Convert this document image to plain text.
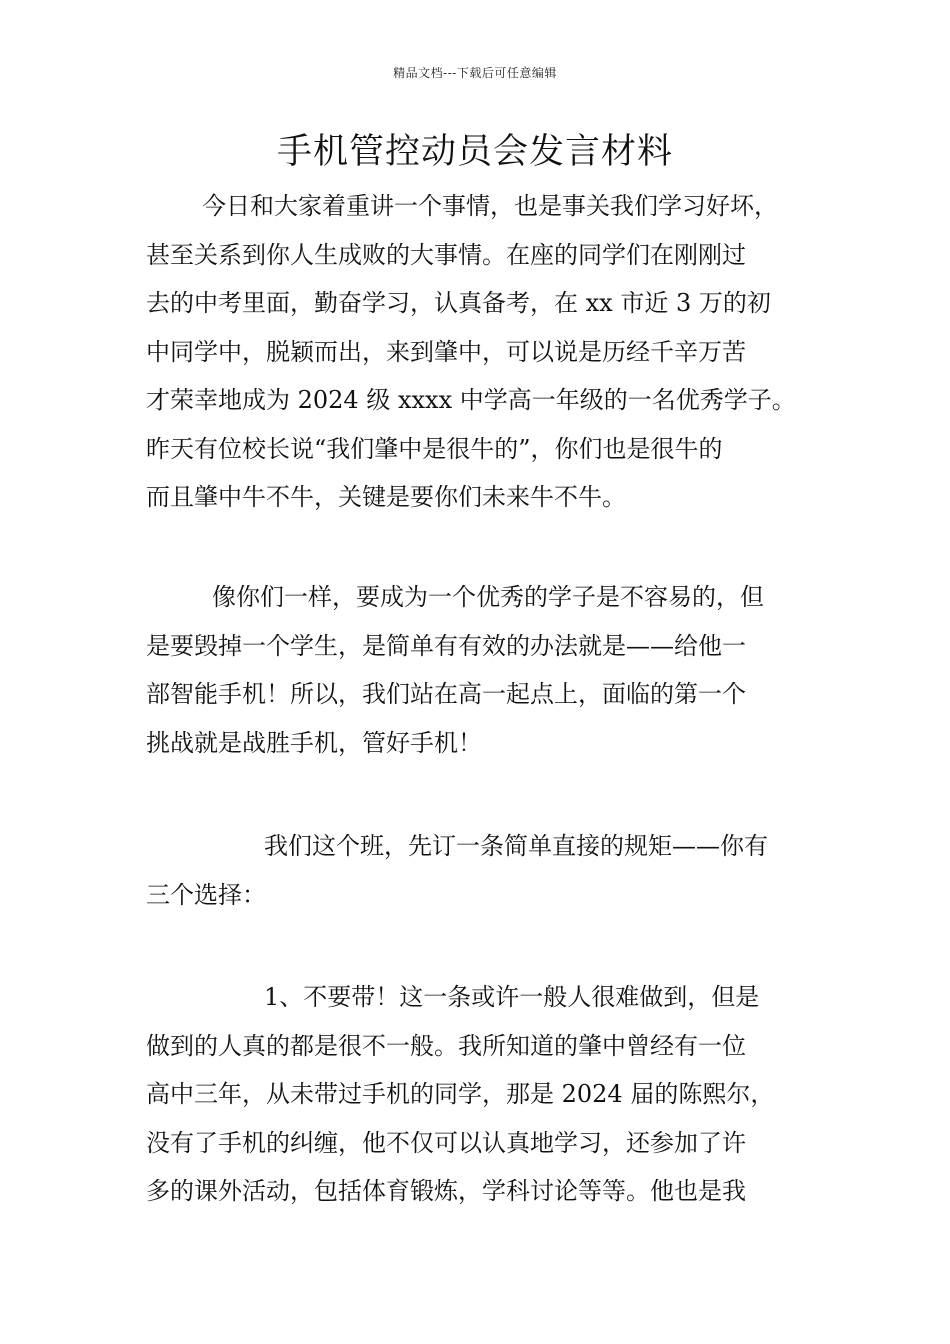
精品文档---下载后可任意编辑
手机管控动员会发言材料
今日和大家着重讲一个事情，也是事关我们学习好坏，
甚至关系到你人生成败的大事情。在座的同学们在刚刚过
去的中考里面，勤奋学习，认真备考，在 xx 市近 3 万的初
中同学中，脱颖而出，来到肇中，可以说是历经千辛万苦
才荣幸地成为 2024 级 xxxx 中学高一年级的一名优秀学子。
昨天有位校长说“我们肇中是很牛的”，你们也是很牛的
而且肇中牛不牛，关键是要你们未来牛不牛。
像你们一样，要成为一个优秀的学子是不容易的，但
是要毁掉一个学生，是简单有有效的办法就是——给他一
部智能手机！所以，我们站在高一起点上，面临的第一个
挑战就是战胜手机，管好手机！
我们这个班，先订一条简单直接的规矩——你有
三个选择：
1、不要带！这一条或许一般人很难做到，但是
做到的人真的都是很不一般。我所知道的肇中曾经有一位
高中三年，从未带过手机的同学，那是 2024 届的陈熙尔，
没有了手机的纠缠，他不仅可以认真地学习，还参加了许
多的课外活动，包括体育锻炼，学科讨论等等。他也是我
